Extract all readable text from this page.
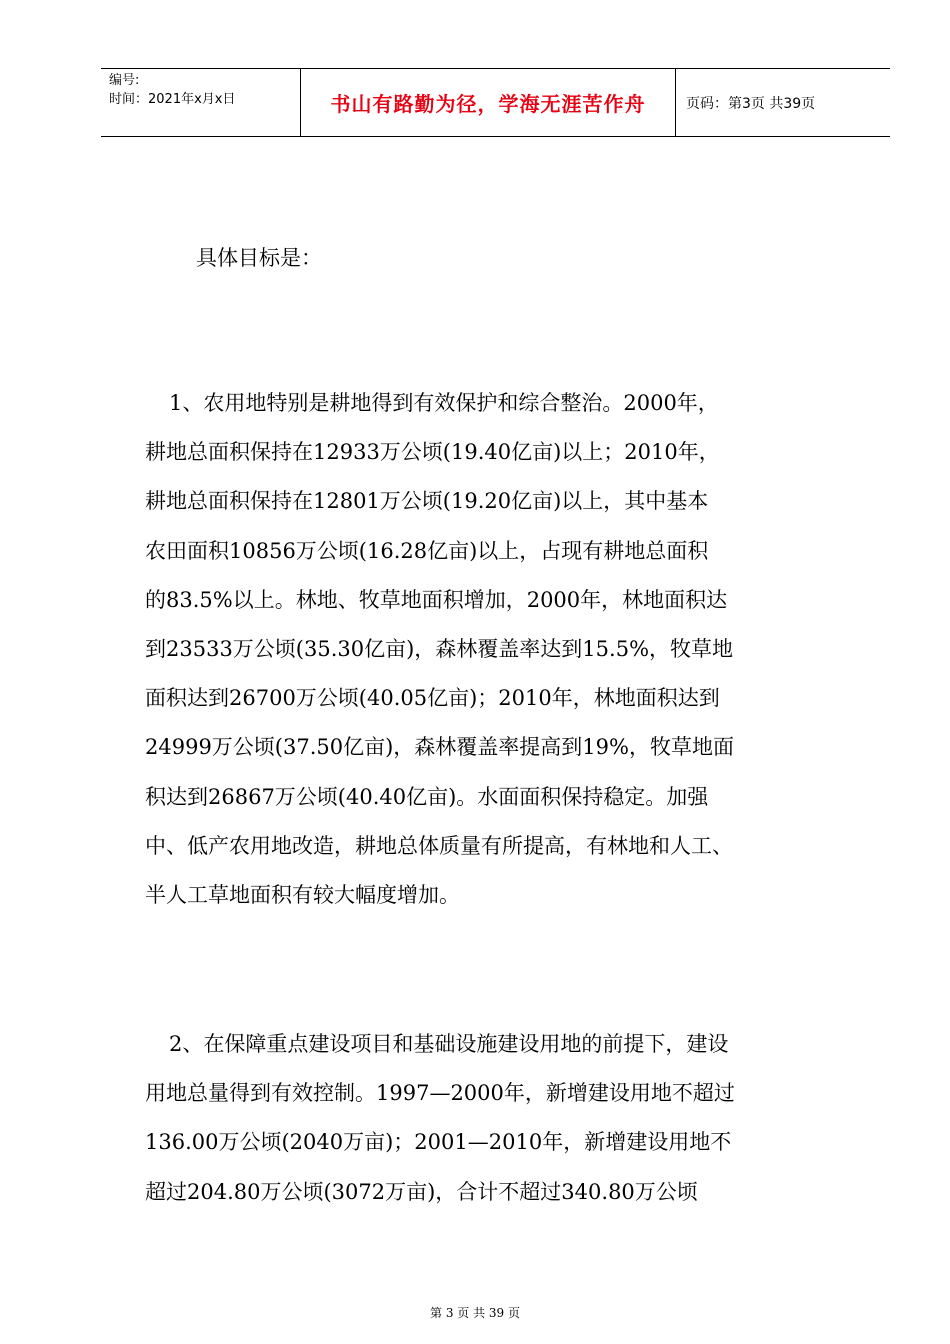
编号:
时间：2021年x月x日	书山有路勤为径，学海无涯苦作舟	页码：第3页 共39页
具体目标是：
1、农用地特别是耕地得到有效保护和综合整治。2000年，
耕地总面积保持在12933万公顷(19.40亿亩)以上；2010年，
耕地总面积保持在12801万公顷(19.20亿亩)以上，其中基本
农田面积10856万公顷(16.28亿亩)以上，占现有耕地总面积
的83.5%以上。林地、牧草地面积增加，2000年，林地面积达
到23533万公顷(35.30亿亩)，森林覆盖率达到15.5%，牧草地
面积达到26700万公顷(40.05亿亩)；2010年，林地面积达到
24999万公顷(37.50亿亩)，森林覆盖率提高到19%，牧草地面
积达到26867万公顷(40.40亿亩)。水面面积保持稳定。加强
中、低产农用地改造，耕地总体质量有所提高，有林地和人工、
半人工草地面积有较大幅度增加。
2、在保障重点建设项目和基础设施建设用地的前提下，建设
用地总量得到有效控制。1997—2000年，新增建设用地不超过
136.00万公顷(2040万亩)；2001—2010年，新增建设用地不
超过204.80万公顷(3072万亩)，合计不超过340.80万公顷
第 3 页 共 39 页
